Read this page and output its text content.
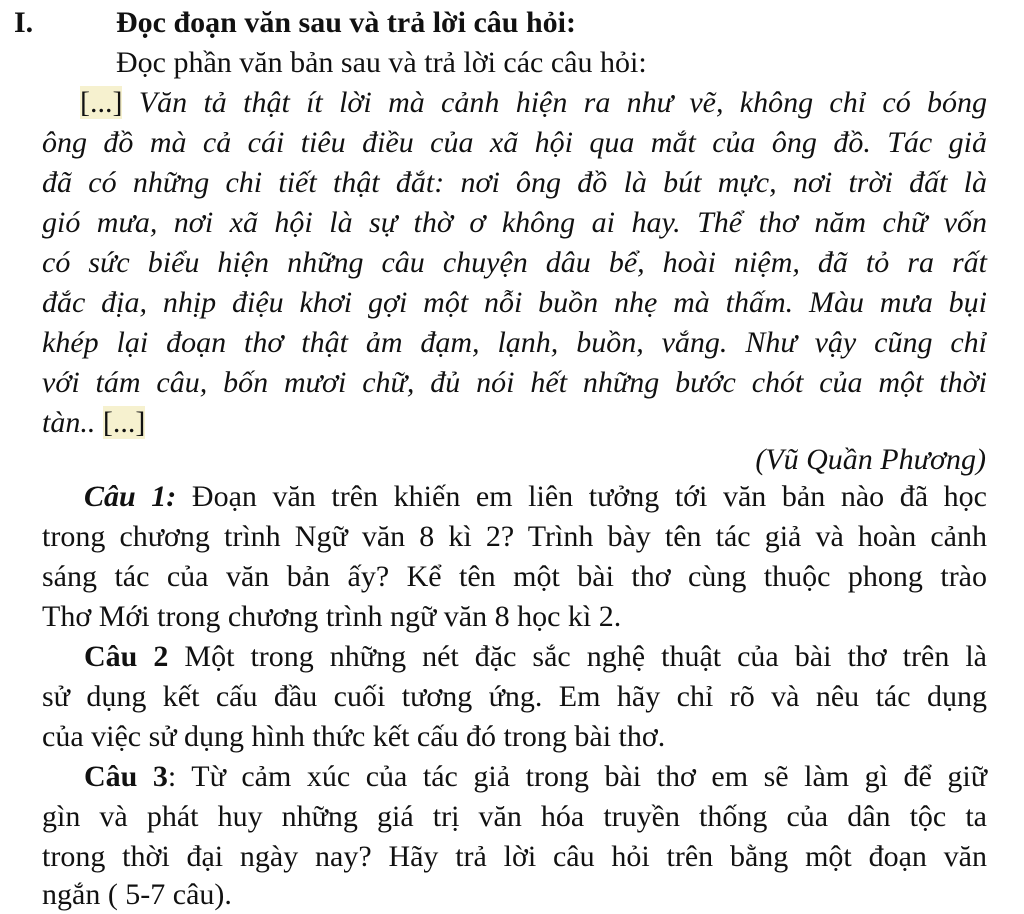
I.	Đọc đoạn văn sau và trả lời câu hỏi:
Đọc phần văn bản sau và trả lời các câu hỏi:
[...] Văn tả thật ít lời mà cảnh hiện ra như vẽ, không chỉ có bóng
ông đồ mà cả cái tiêu điều của xã hội qua mắt của ông đồ. Tác giả
đã có những chi tiết thật đắt: nơi ông đồ là bút mực, nơi trời đất là
gió mưa, nơi xã hội là sự thờ ơ không ai hay. Thể thơ năm chữ vốn
có sức biểu hiện những câu chuyện dâu bể, hoài niệm, đã tỏ ra rất
đắc địa, nhịp điệu khơi gợi một nỗi buồn nhẹ mà thấm. Màu mưa bụi
khép lại đoạn thơ thật ảm đạm, lạnh, buồn, vắng. Như vậy cũng chỉ
với tám câu, bốn mươi chữ, đủ nói hết những bước chót của một thời
tàn.. [...]
(Vũ Quần Phương)
Câu 1: Đoạn văn trên khiến em liên tưởng tới văn bản nào đã học
trong chương trình Ngữ văn 8 kì 2? Trình bày tên tác giả và hoàn cảnh
sáng tác của văn bản ấy? Kể tên một bài thơ cùng thuộc phong trào
Thơ Mới trong chương trình ngữ văn 8 học kì 2.
Câu 2 Một trong những nét đặc sắc nghệ thuật của bài thơ trên là
sử dụng kết cấu đầu cuối tương ứng. Em hãy chỉ rõ và nêu tác dụng
của việc sử dụng hình thức kết cấu đó trong bài thơ.
Câu 3: Từ cảm xúc của tác giả trong bài thơ em sẽ làm gì để giữ
gìn và phát huy những giá trị văn hóa truyền thống của dân tộc ta
trong thời đại ngày nay? Hãy trả lời câu hỏi trên bằng một đoạn văn
ngắn ( 5-7 câu).
